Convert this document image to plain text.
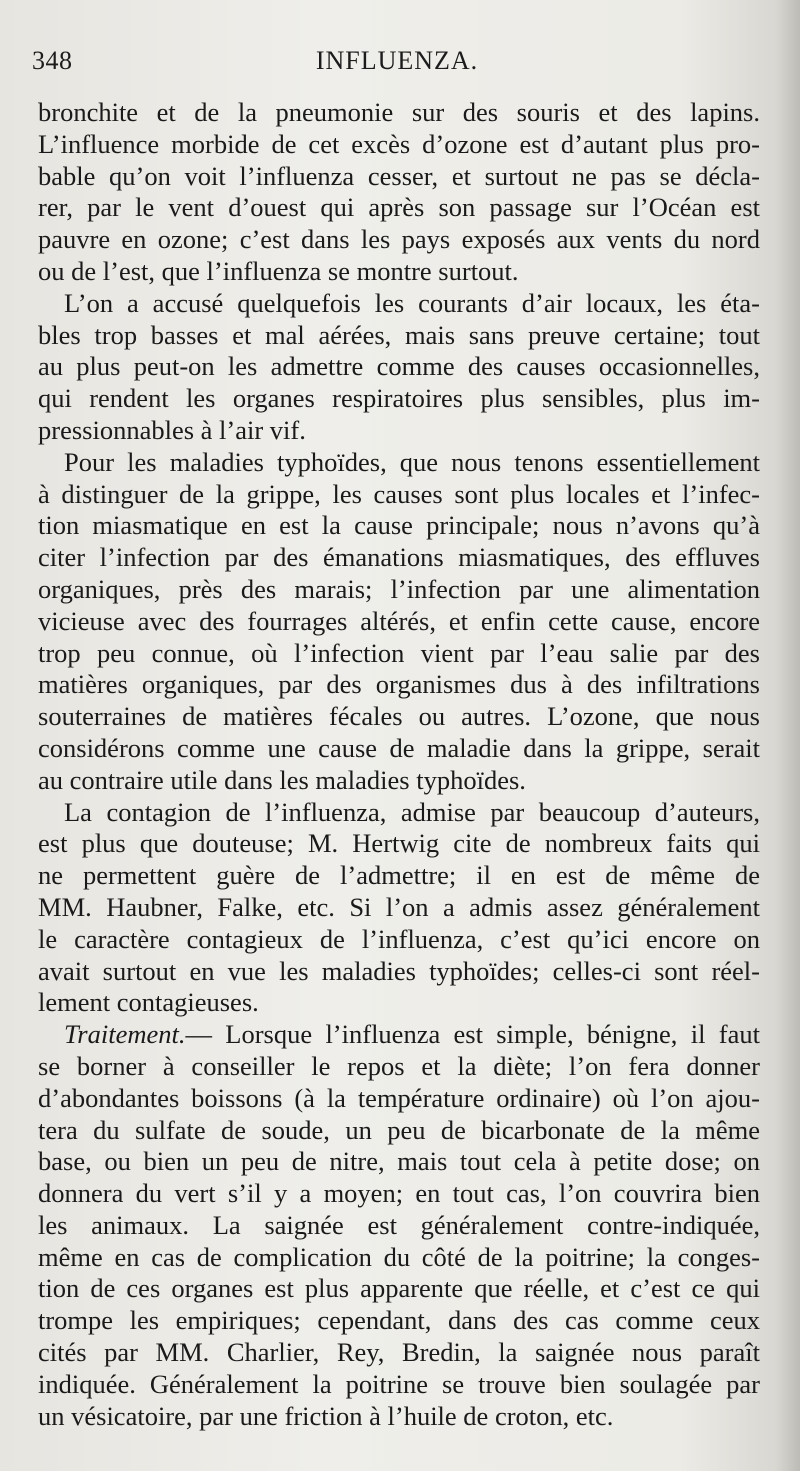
348	INFLUENZA.
bronchite et de la pneumonie sur des souris et des lapins.
L’influence morbide de cet excès d’ozone est d’autant plus pro-
bable qu’on voit l’influenza cesser, et surtout ne pas se décla-
rer, par le vent d’ouest qui après son passage sur l’Océan est
pauvre en ozone; c’est dans les pays exposés aux vents du nord
ou de l’est, que l’influenza se montre surtout.
L’on a accusé quelquefois les courants d’air locaux, les éta-
bles trop basses et mal aérées, mais sans preuve certaine; tout
au plus peut-on les admettre comme des causes occasionnelles,
qui rendent les organes respiratoires plus sensibles, plus im-
pressionnables à l’air vif.
Pour les maladies typhoïdes, que nous tenons essentiellement
à distinguer de la grippe, les causes sont plus locales et l’infec-
tion miasmatique en est la cause principale; nous n’avons qu’à
citer l’infection par des émanations miasmatiques, des effluves
organiques, près des marais; l’infection par une alimentation
vicieuse avec des fourrages altérés, et enfin cette cause, encore
trop peu connue, où l’infection vient par l’eau salie par des
matières organiques, par des organismes dus à des infiltrations
souterraines de matières fécales ou autres. L’ozone, que nous
considérons comme une cause de maladie dans la grippe, serait
au contraire utile dans les maladies typhoïdes.
La contagion de l’influenza, admise par beaucoup d’auteurs,
est plus que douteuse; M. Hertwig cite de nombreux faits qui
ne permettent guère de l’admettre; il en est de même de
MM. Haubner, Falke, etc. Si l’on a admis assez généralement
le caractère contagieux de l’influenza, c’est qu’ici encore on
avait surtout en vue les maladies typhoïdes; celles-ci sont réel-
lement contagieuses.
Traitement.— Lorsque l’influenza est simple, bénigne, il faut
se borner à conseiller le repos et la diète; l’on fera donner
d’abondantes boissons (à la température ordinaire) où l’on ajou-
tera du sulfate de soude, un peu de bicarbonate de la même
base, ou bien un peu de nitre, mais tout cela à petite dose; on
donnera du vert s’il y a moyen; en tout cas, l’on couvrira bien
les animaux. La saignée est généralement contre-indiquée,
même en cas de complication du côté de la poitrine; la conges-
tion de ces organes est plus apparente que réelle, et c’est ce qui
trompe les empiriques; cependant, dans des cas comme ceux
cités par MM. Charlier, Rey, Bredin, la saignée nous paraît
indiquée. Généralement la poitrine se trouve bien soulagée par
un vésicatoire, par une friction à l’huile de croton, etc.
